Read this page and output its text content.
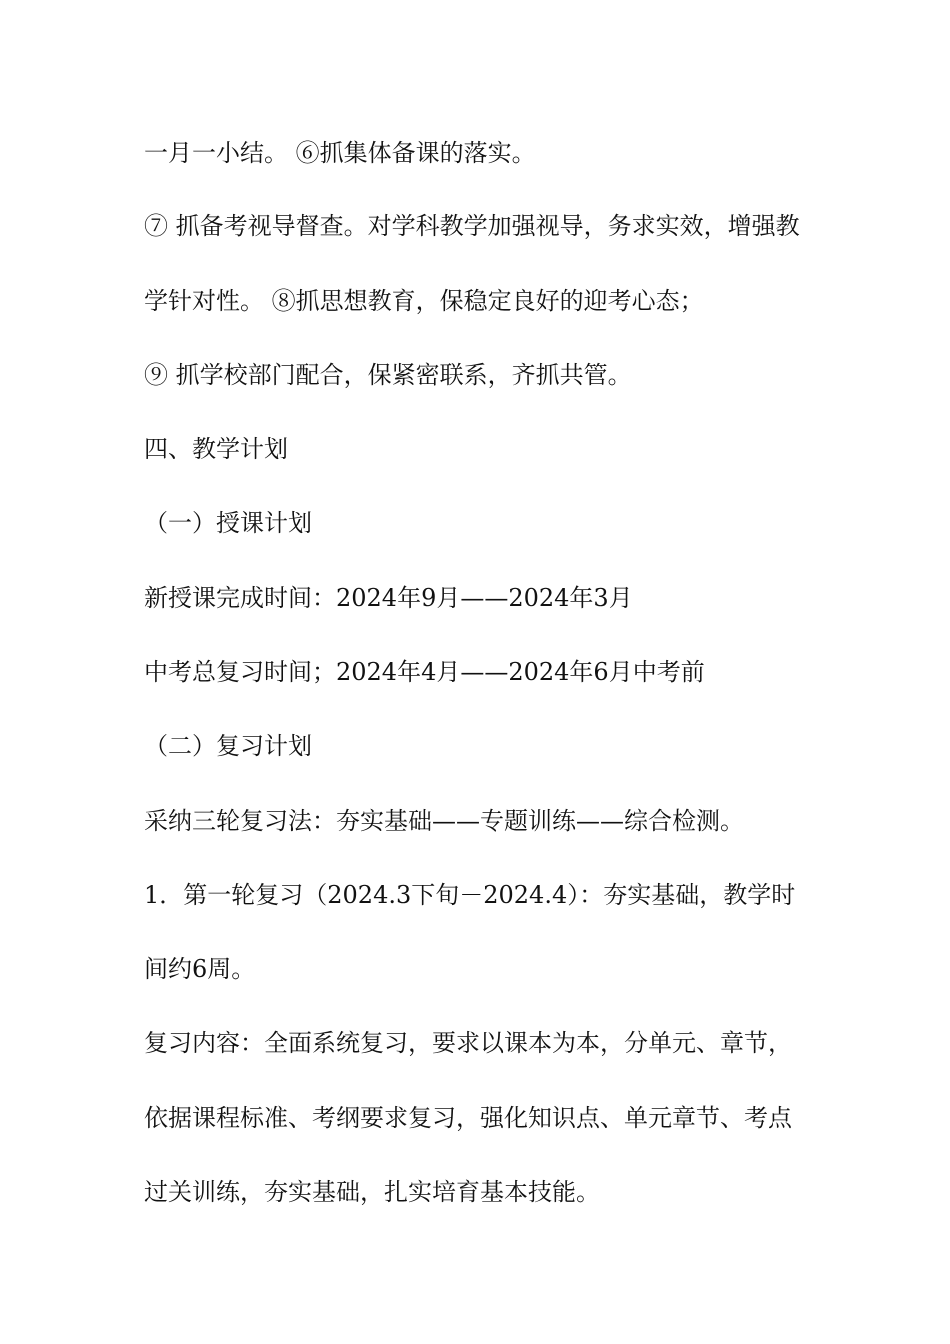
一月一小结。 ⑥抓集体备课的落实。
⑦ 抓备考视导督查。对学科教学加强视导，务求实效，增强教
学针对性。 ⑧抓思想教育，保稳定良好的迎考心态；
⑨ 抓学校部门配合，保紧密联系，齐抓共管。
四、教学计划
（一）授课计划
新授课完成时间：2024年9月——2024年3月
中考总复习时间；2024年4月——2024年6月中考前
（二）复习计划
采纳三轮复习法：夯实基础——专题训练——综合检测。
1．第一轮复习（2024.3下旬－2024.4）：夯实基础，教学时
间约6周。
复习内容：全面系统复习，要求以课本为本，分单元、章节，
依据课程标准、考纲要求复习，强化知识点、单元章节、考点
过关训练，夯实基础，扎实培育基本技能。
